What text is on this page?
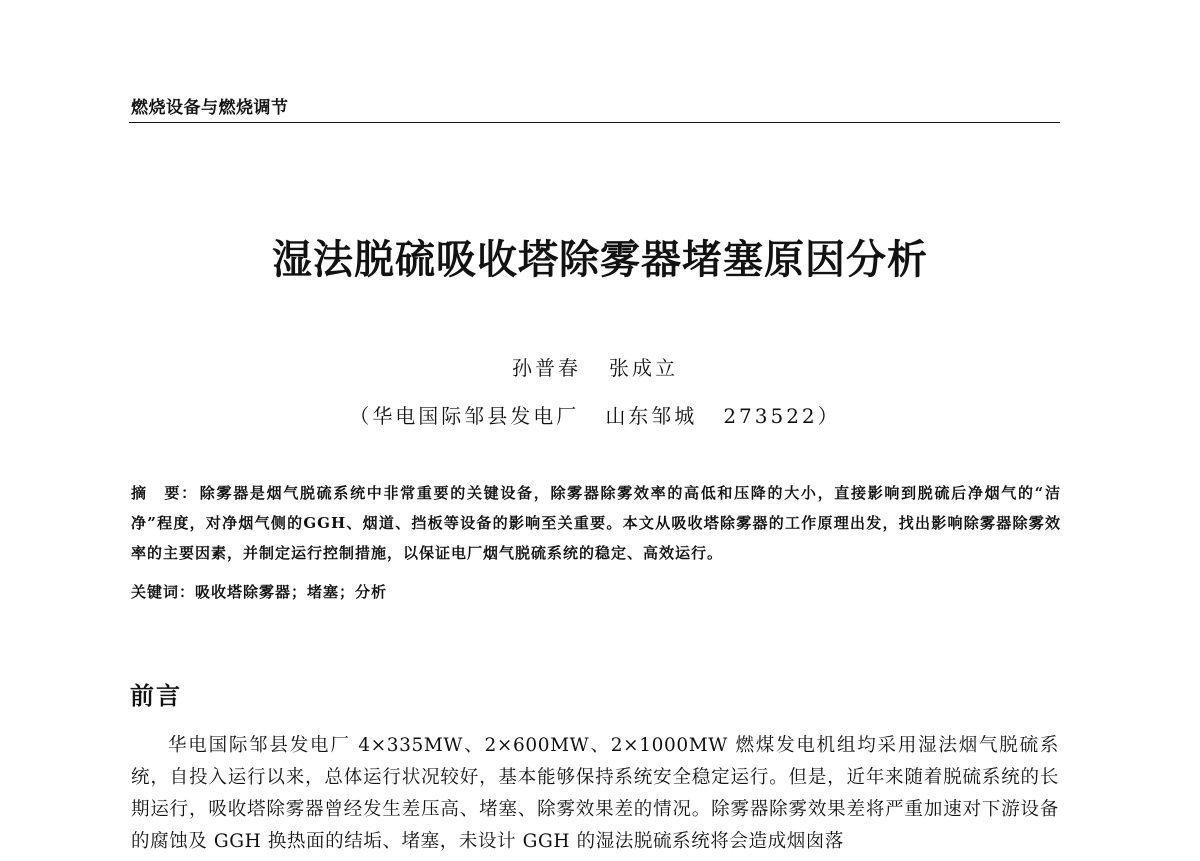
燃烧设备与燃烧调节
湿法脱硫吸收塔除雾器堵塞原因分析
孙普春 张成立
（华电国际邹县发电厂 山东邹城 273522）
摘　要： 除雾器是烟气脱硫系统中非常重要的关键设备，除雾器除雾效率的高低和压降的大小，直接影响到脱硫后净烟气的“洁净”程度，对净烟气侧的GGH、烟道、挡板等设备的影响至关重要。本文从吸收塔除雾器的工作原理出发，找出影响除雾器除雾效率的主要因素，并制定运行控制措施，以保证电厂烟气脱硫系统的稳定、高效运行。
关键词：吸收塔除雾器；堵塞；分析
前言
华电国际邹县发电厂 4×335MW、2×600MW、2×1000MW 燃煤发电机组均采用湿法烟气脱硫系统，自投入运行以来，总体运行状况较好，基本能够保持系统安全稳定运行。但是，近年来随着脱硫系统的长期运行，吸收塔除雾器曾经发生差压高、堵塞、除雾效果差的情况。除雾器除雾效果差将严重加速对下游设备的腐蚀及 GGH 换热面的结垢、堵塞，未设计 GGH 的湿法脱硫系统将会造成烟囱落
